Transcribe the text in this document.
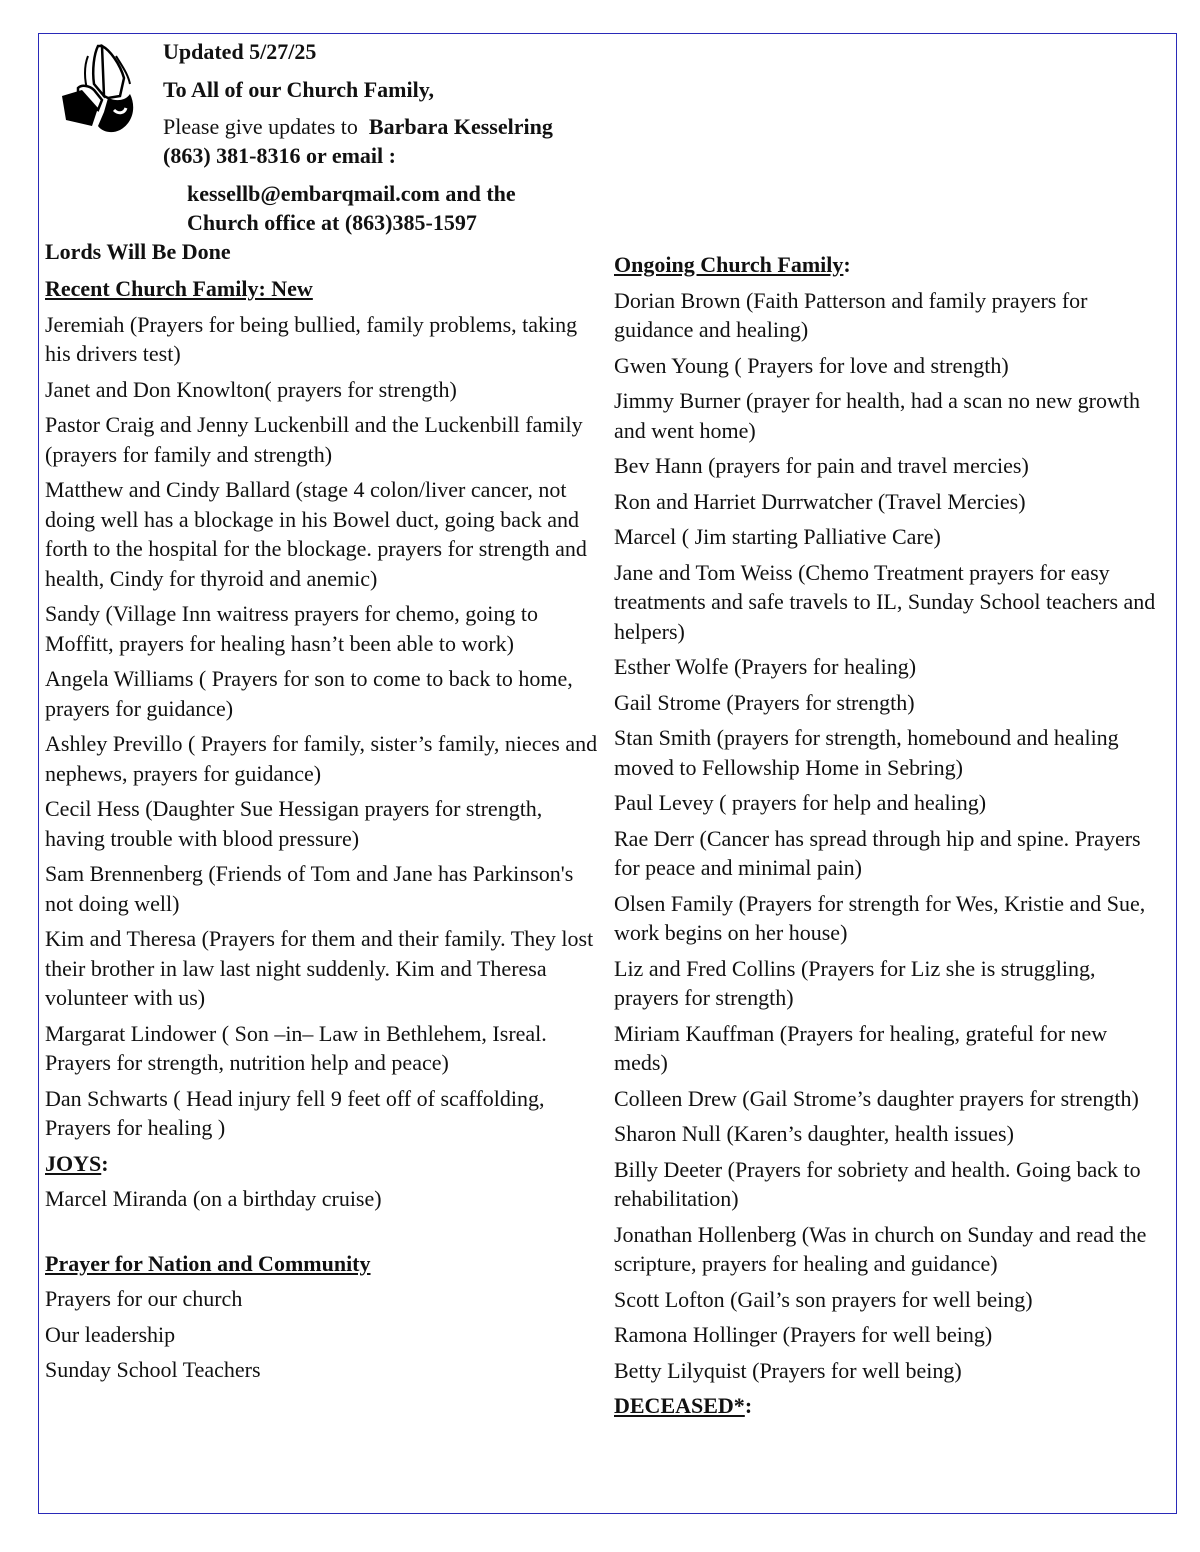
Updated 5/27/25
To All of our Church Family,
Please give updates to Barbara Kesselring
(863) 381-8316 or email :
kessellb@embarqmail.com and the
Church office at (863)385-1597
Lords Will Be Done
Recent Church Family: New

Jeremiah (Prayers for being bullied, family problems, taking his drivers test)

Janet and Don Knowlton( prayers for strength)

Pastor Craig and Jenny Luckenbill and the Luckenbill family (prayers for family and strength)

Matthew and Cindy Ballard (stage 4 colon/liver cancer, not doing well has a blockage in his Bowel duct, going back and forth to the hospital for the blockage. prayers for strength and health, Cindy for thyroid and anemic)

Sandy (Village Inn waitress prayers for chemo, going to Moffitt, prayers for healing hasn’t been able to work)

Angela Williams ( Prayers for son to come to back to home, prayers for guidance)

Ashley Previllo ( Prayers for family, sister’s family, nieces and nephews, prayers for guidance)

Cecil Hess (Daughter Sue Hessigan prayers for strength, having trouble with blood pressure)

Sam Brennenberg (Friends of Tom and Jane has Parkinson's not doing well)

Kim and Theresa (Prayers for them and their family. They lost their brother in law last night suddenly. Kim and Theresa volunteer with us)

Margarat Lindower ( Son –in– Law in Bethlehem, Isreal. Prayers for strength, nutrition help and peace)

Dan Schwarts ( Head injury fell 9 feet off of scaffolding, Prayers for healing )

JOYS:

Marcel Miranda (on a birthday cruise)

Prayer for Nation and Community

Prayers for our church

Our leadership

Sunday School Teachers

Ongoing Church Family:

Dorian Brown (Faith Patterson and family prayers for guidance and healing)

Gwen Young ( Prayers for love and strength)

Jimmy Burner (prayer for health, had a scan no new growth and went home)

Bev Hann (prayers for pain and travel mercies)

Ron and Harriet Durrwatcher (Travel Mercies)

Marcel ( Jim starting Palliative Care)

Jane and Tom Weiss (Chemo Treatment prayers for easy treatments and safe travels to IL, Sunday School teachers and helpers)

Esther Wolfe (Prayers for healing)

Gail Strome (Prayers for strength)

Stan Smith (prayers for strength, homebound and healing moved to Fellowship Home in Sebring)

Paul Levey ( prayers for help and healing)

Rae Derr (Cancer has spread through hip and spine. Prayers for peace and minimal pain)

Olsen Family (Prayers for strength for Wes, Kristie and Sue, work begins on her house)

Liz and Fred Collins (Prayers for Liz she is struggling, prayers for strength)

Miriam Kauffman (Prayers for healing, grateful for new meds)

Colleen Drew (Gail Strome’s daughter prayers for strength)

Sharon Null (Karen’s daughter, health issues)

Billy Deeter (Prayers for sobriety and health. Going back to rehabilitation)

Jonathan Hollenberg (Was in church on Sunday and read the scripture, prayers for healing and guidance)

Scott Lofton (Gail’s son prayers for well being)

Ramona Hollinger (Prayers for well being)

Betty Lilyquist (Prayers for well being)

DECEASED*:
